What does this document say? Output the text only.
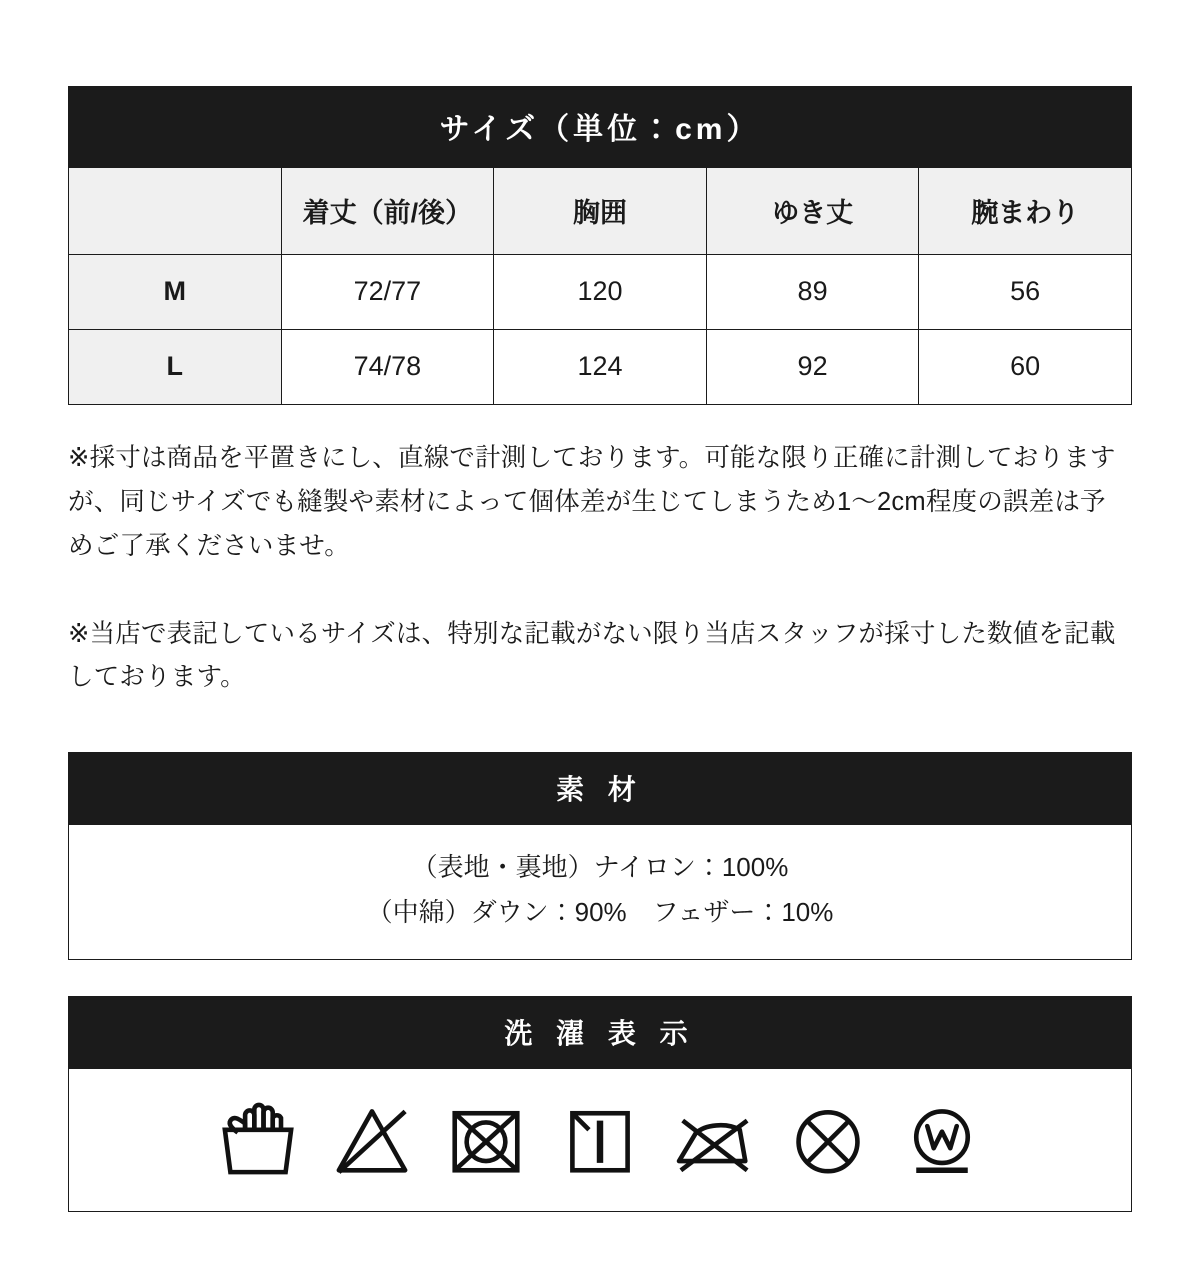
サイズ（単位：cm）				
	着丈（前/後）	胸囲	ゆき丈	腕まわり
M	72/77	120	89	56
L	74/78	124	92	60

※採寸は商品を平置きにし、直線で計測しております。可能な限り正確に計測しておりますが、同じサイズでも縫製や素材によって個体差が生じてしまうため1〜2cm程度の誤差は予めご了承くださいませ。

※当店で表記しているサイズは、特別な記載がない限り当店スタッフが採寸した数値を記載しております。

素 材
（表地・裏地）ナイロン：100%
（中綿）ダウン：90%　フェザー：10%
洗 濯 表 示
